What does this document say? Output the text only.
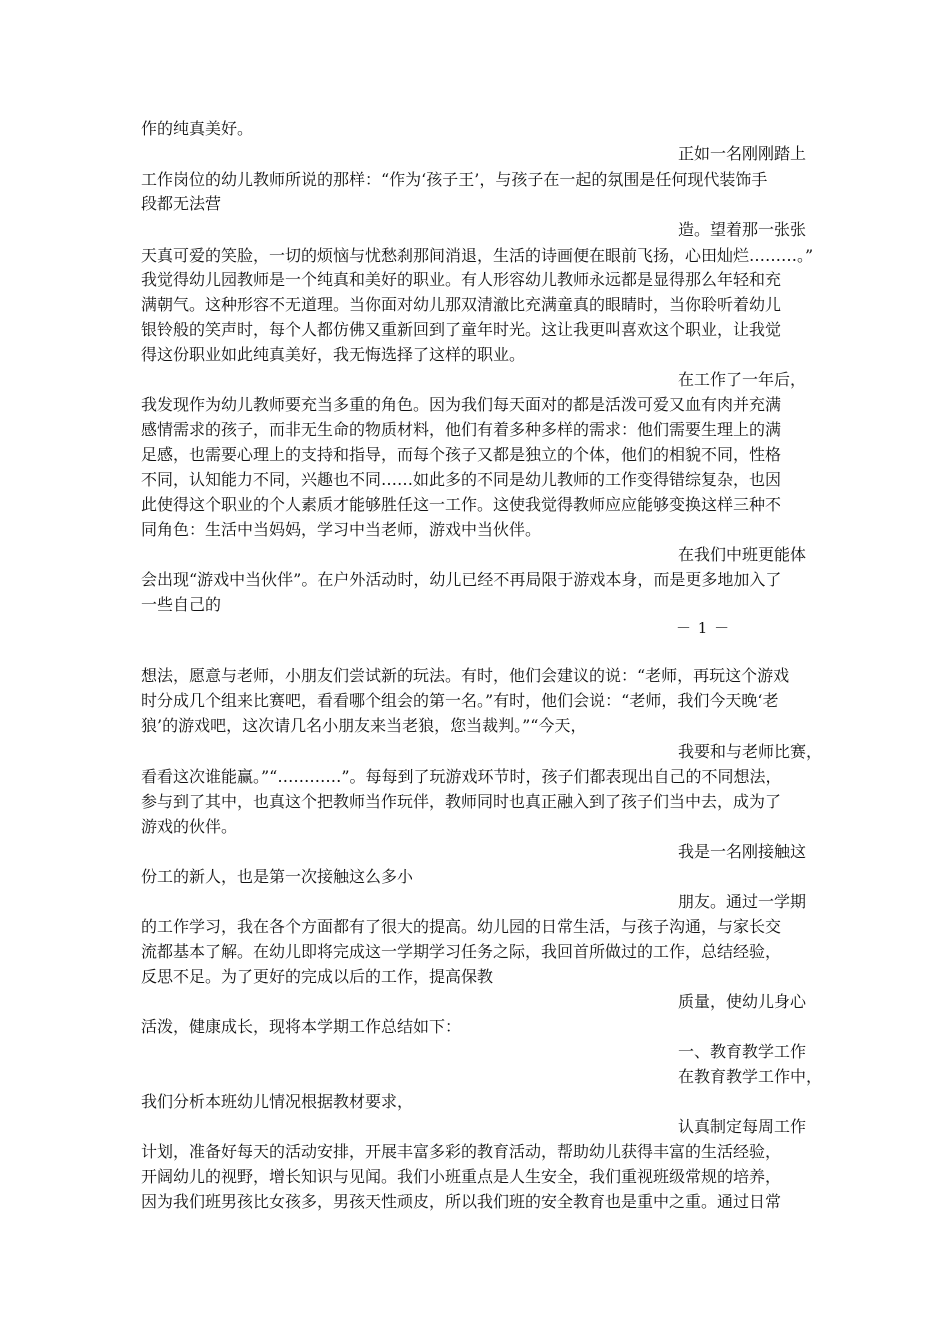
作的纯真美好。
正如一名刚刚踏上
工作岗位的幼儿教师所说的那样：“作为‘孩子王’，与孩子在一起的氛围是任何现代装饰手
段都无法营
造。望着那一张张
天真可爱的笑脸，一切的烦恼与忧愁刹那间消退，生活的诗画便在眼前飞扬，心田灿烂………。”
我觉得幼儿园教师是一个纯真和美好的职业。有人形容幼儿教师永远都是显得那么年轻和充
满朝气。这种形容不无道理。当你面对幼儿那双清澈比充满童真的眼睛时，当你聆听着幼儿
银铃般的笑声时，每个人都仿佛又重新回到了童年时光。这让我更叫喜欢这个职业，让我觉
得这份职业如此纯真美好，我无悔选择了这样的职业。
在工作了一年后，
我发现作为幼儿教师要充当多重的角色。因为我们每天面对的都是活泼可爱又血有肉并充满
感情需求的孩子，而非无生命的物质材料，他们有着多种多样的需求：他们需要生理上的满
足感，也需要心理上的支持和指导，而每个孩子又都是独立的个体，他们的相貌不同，性格
不同，认知能力不同，兴趣也不同……如此多的不同是幼儿教师的工作变得错综复杂，也因
此使得这个职业的个人素质才能够胜任这一工作。这使我觉得教师应应能够变换这样三种不
同角色：生活中当妈妈，学习中当老师，游戏中当伙伴。
在我们中班更能体
会出现“游戏中当伙伴”。在户外活动时，幼儿已经不再局限于游戏本身，而是更多地加入了
一些自己的
－ 1 －
想法，愿意与老师，小朋友们尝试新的玩法。有时，他们会建议的说：“老师，再玩这个游戏
时分成几个组来比赛吧，看看哪个组会的第一名。”有时，他们会说：“老师，我们今天晚‘老
狼’的游戏吧，这次请几名小朋友来当老狼，您当裁判。”“今天，
我要和与老师比赛，
看看这次谁能赢。”“…………”。每每到了玩游戏环节时，孩子们都表现出自己的不同想法，
参与到了其中，也真这个把教师当作玩伴，教师同时也真正融入到了孩子们当中去，成为了
游戏的伙伴。
我是一名刚接触这
份工的新人，也是第一次接触这么多小
朋友。通过一学期
的工作学习，我在各个方面都有了很大的提高。幼儿园的日常生活，与孩子沟通，与家长交
流都基本了解。在幼儿即将完成这一学期学习任务之际，我回首所做过的工作，总结经验，
反思不足。为了更好的完成以后的工作，提高保教
质量，使幼儿身心
活泼，健康成长，现将本学期工作总结如下：
一、教育教学工作
在教育教学工作中，
我们分析本班幼儿情况根据教材要求，
认真制定每周工作
计划，准备好每天的活动安排，开展丰富多彩的教育活动，帮助幼儿获得丰富的生活经验，
开阔幼儿的视野，增长知识与见闻。我们小班重点是人生安全，我们重视班级常规的培养，
因为我们班男孩比女孩多，男孩天性顽皮，所以我们班的安全教育也是重中之重。通过日常
